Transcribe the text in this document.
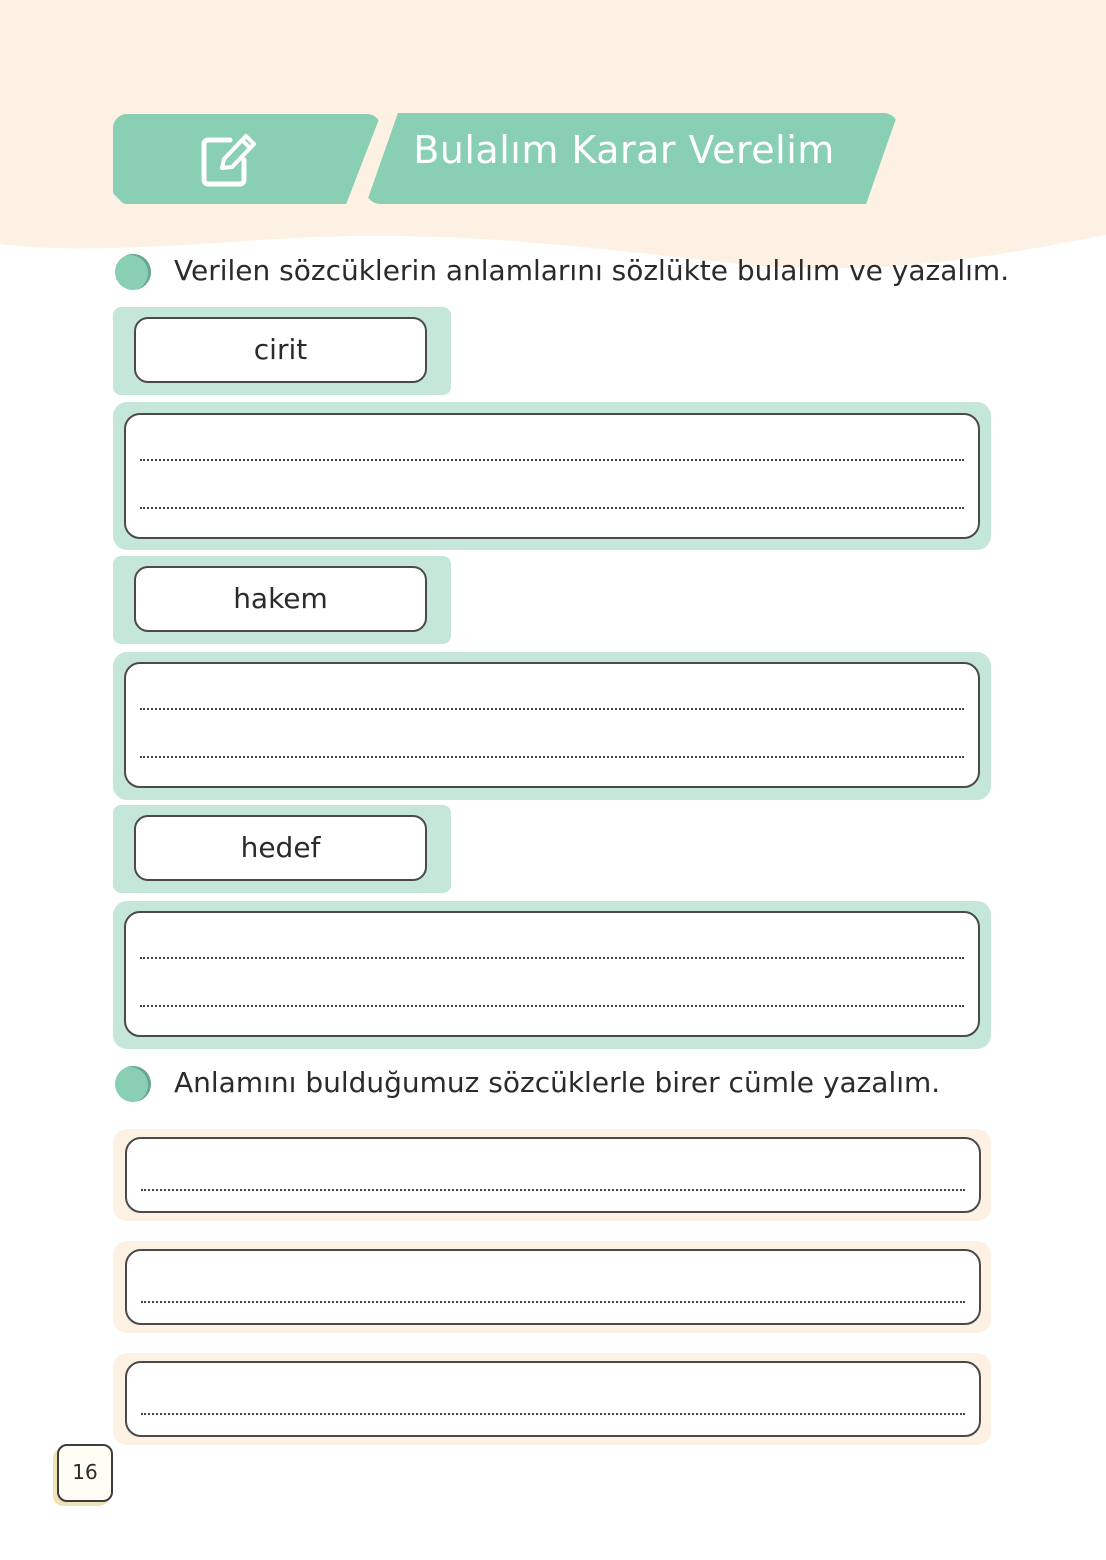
Bulalım Karar Verelim
Verilen sözcüklerin anlamlarını sözlükte bulalım ve yazalım.
cirit
hakem
hedef
Anlamını bulduğumuz sözcüklerle birer cümle yazalım.
16
